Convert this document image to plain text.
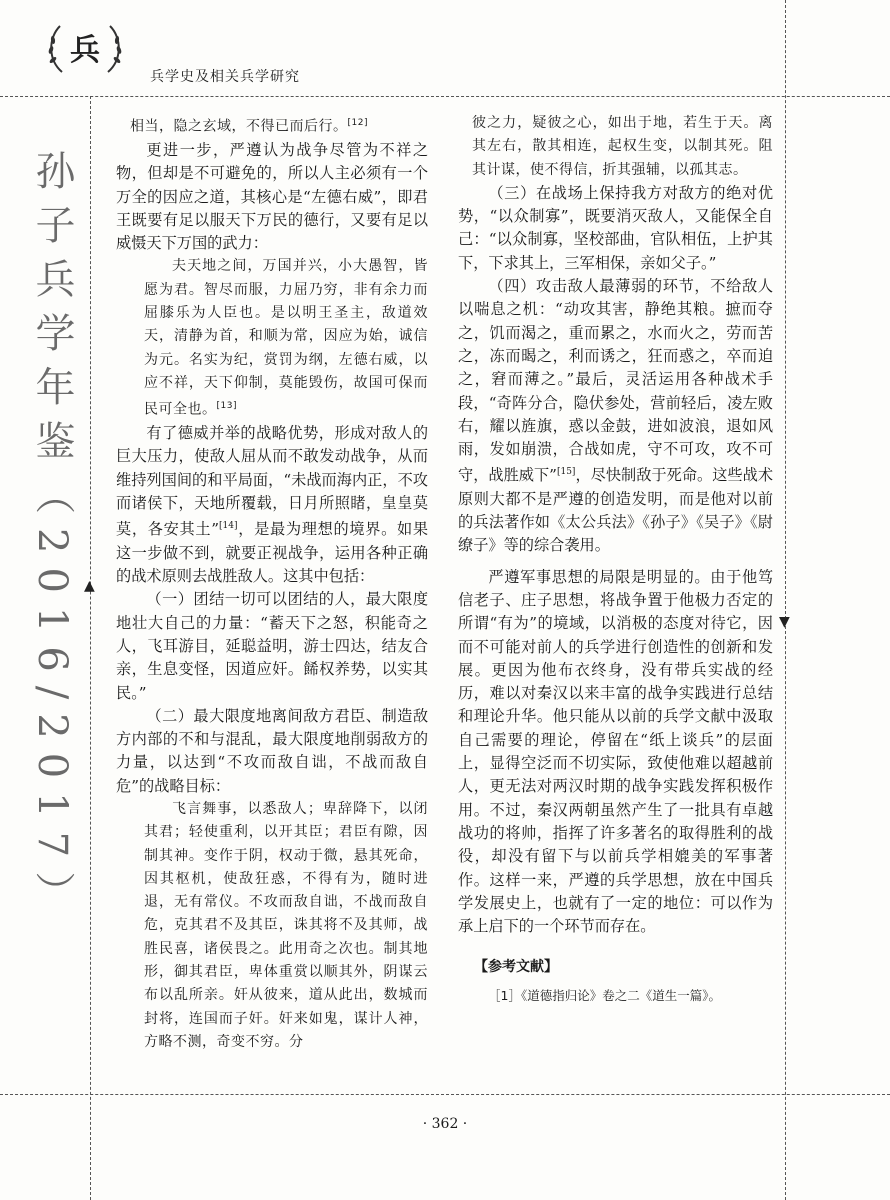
兵
兵学史及相关兵学研究
孙子兵学年鉴（2016/2017） ▲
▼

相当，隐之玄域，不得已而后行。[12]

更进一步，严遵认为战争尽管为不祥之物，但却是不可避免的，所以人主必须有一个万全的因应之道，其核心是“左德右威”，即君王既要有足以服天下万民的德行，又要有足以威慑天下万国的武力：

夫天地之间，万国并兴，小大愚智，皆愿为君。智尽而服，力屈乃穷，非有余力而屈膝乐为人臣也。是以明王圣主，敌道效天，清静为首，和顺为常，因应为始，诚信为元。名实为纪，赏罚为纲，左德右威，以应不祥，天下仰制，莫能毁伤，故国可保而民可全也。[13]

有了德威并举的战略优势，形成对敌人的巨大压力，使敌人屈从而不敢发动战争，从而维持列国间的和平局面，“未战而海内正，不攻而诸侯下，天地所覆载，日月所照睹，皇皇莫莫，各安其土”[14]，是最为理想的境界。如果这一步做不到，就要正视战争，运用各种正确的战术原则去战胜敌人。这其中包括：

（一）团结一切可以团结的人，最大限度地壮大自己的力量：“蓄天下之怒，积能奇之人，飞耳游目，延聪益明，游士四达，结友合亲，生息变怪，因道应奸。餙权养势，以实其民。”

（二）最大限度地离间敌方君臣、制造敌方内部的不和与混乱，最大限度地削弱敌方的力量，以达到“不攻而敌自诎，不战而敌自危”的战略目标：

飞言舞事，以悉敌人；卑辞降下，以闭其君；轻使重利，以开其臣；君臣有隙，因制其神。变作于阴，权动于微，悬其死命，因其枢机，使敌狂惑，不得有为，随时进退，无有常仪。不攻而敌自诎，不战而敌自危，克其君不及其臣，诛其将不及其师，战胜民喜，诸侯畏之。此用奇之次也。制其地形，御其君臣，卑体重赏以顺其外，阴谋云布以乱所亲。奸从彼来，道从此出，数城而封将，连国而子奸。奸来如鬼，谋计人神，方略不测，奇变不穷。分

彼之力，疑彼之心，如出于地，若生于天。离其左右，散其相连，起权生变，以制其死。阻其计谋，使不得信，折其强辅，以孤其志。

（三）在战场上保持我方对敌方的绝对优势，“以众制寡”，既要消灭敌人，又能保全自己：“以众制寡，坚校部曲，官队相伍，上护其下，下求其上，三军相保，亲如父子。”

（四）攻击敌人最薄弱的环节，不给敌人以喘息之机：“动攻其害，静绝其粮。摭而夺之，饥而渴之，重而累之，水而火之，劳而苦之，冻而暍之，利而诱之，狂而惑之，卒而迫之，窘而薄之。”最后，灵活运用各种战术手段，“奇阵分合，隐伏参处，营前轻后，凌左败右，耀以旌旗，惑以金鼓，进如波浪，退如风雨，发如崩溃，合战如虎，守不可攻，攻不可守，战胜威下”[15]，尽快制敌于死命。这些战术原则大都不是严遵的创造发明，而是他对以前的兵法著作如《太公兵法》《孙子》《吴子》《尉缭子》等的综合袭用。

严遵军事思想的局限是明显的。由于他笃信老子、庄子思想，将战争置于他极力否定的所谓“有为”的境域，以消极的态度对待它，因而不可能对前人的兵学进行创造性的创新和发展。更因为他布衣终身，没有带兵实战的经历，难以对秦汉以来丰富的战争实践进行总结和理论升华。他只能从以前的兵学文献中汲取自己需要的理论，停留在“纸上谈兵”的层面上，显得空泛而不切实际，致使他难以超越前人，更无法对两汉时期的战争实践发挥积极作用。不过，秦汉两朝虽然产生了一批具有卓越战功的将帅，指挥了许多著名的取得胜利的战役，却没有留下与以前兵学相媲美的军事著作。这样一来，严遵的兵学思想，放在中国兵学发展史上，也就有了一定的地位：可以作为承上启下的一个环节而存在。

【参考文献】

［1］《道德指归论》卷之二《道生一篇》。

· 362 ·
